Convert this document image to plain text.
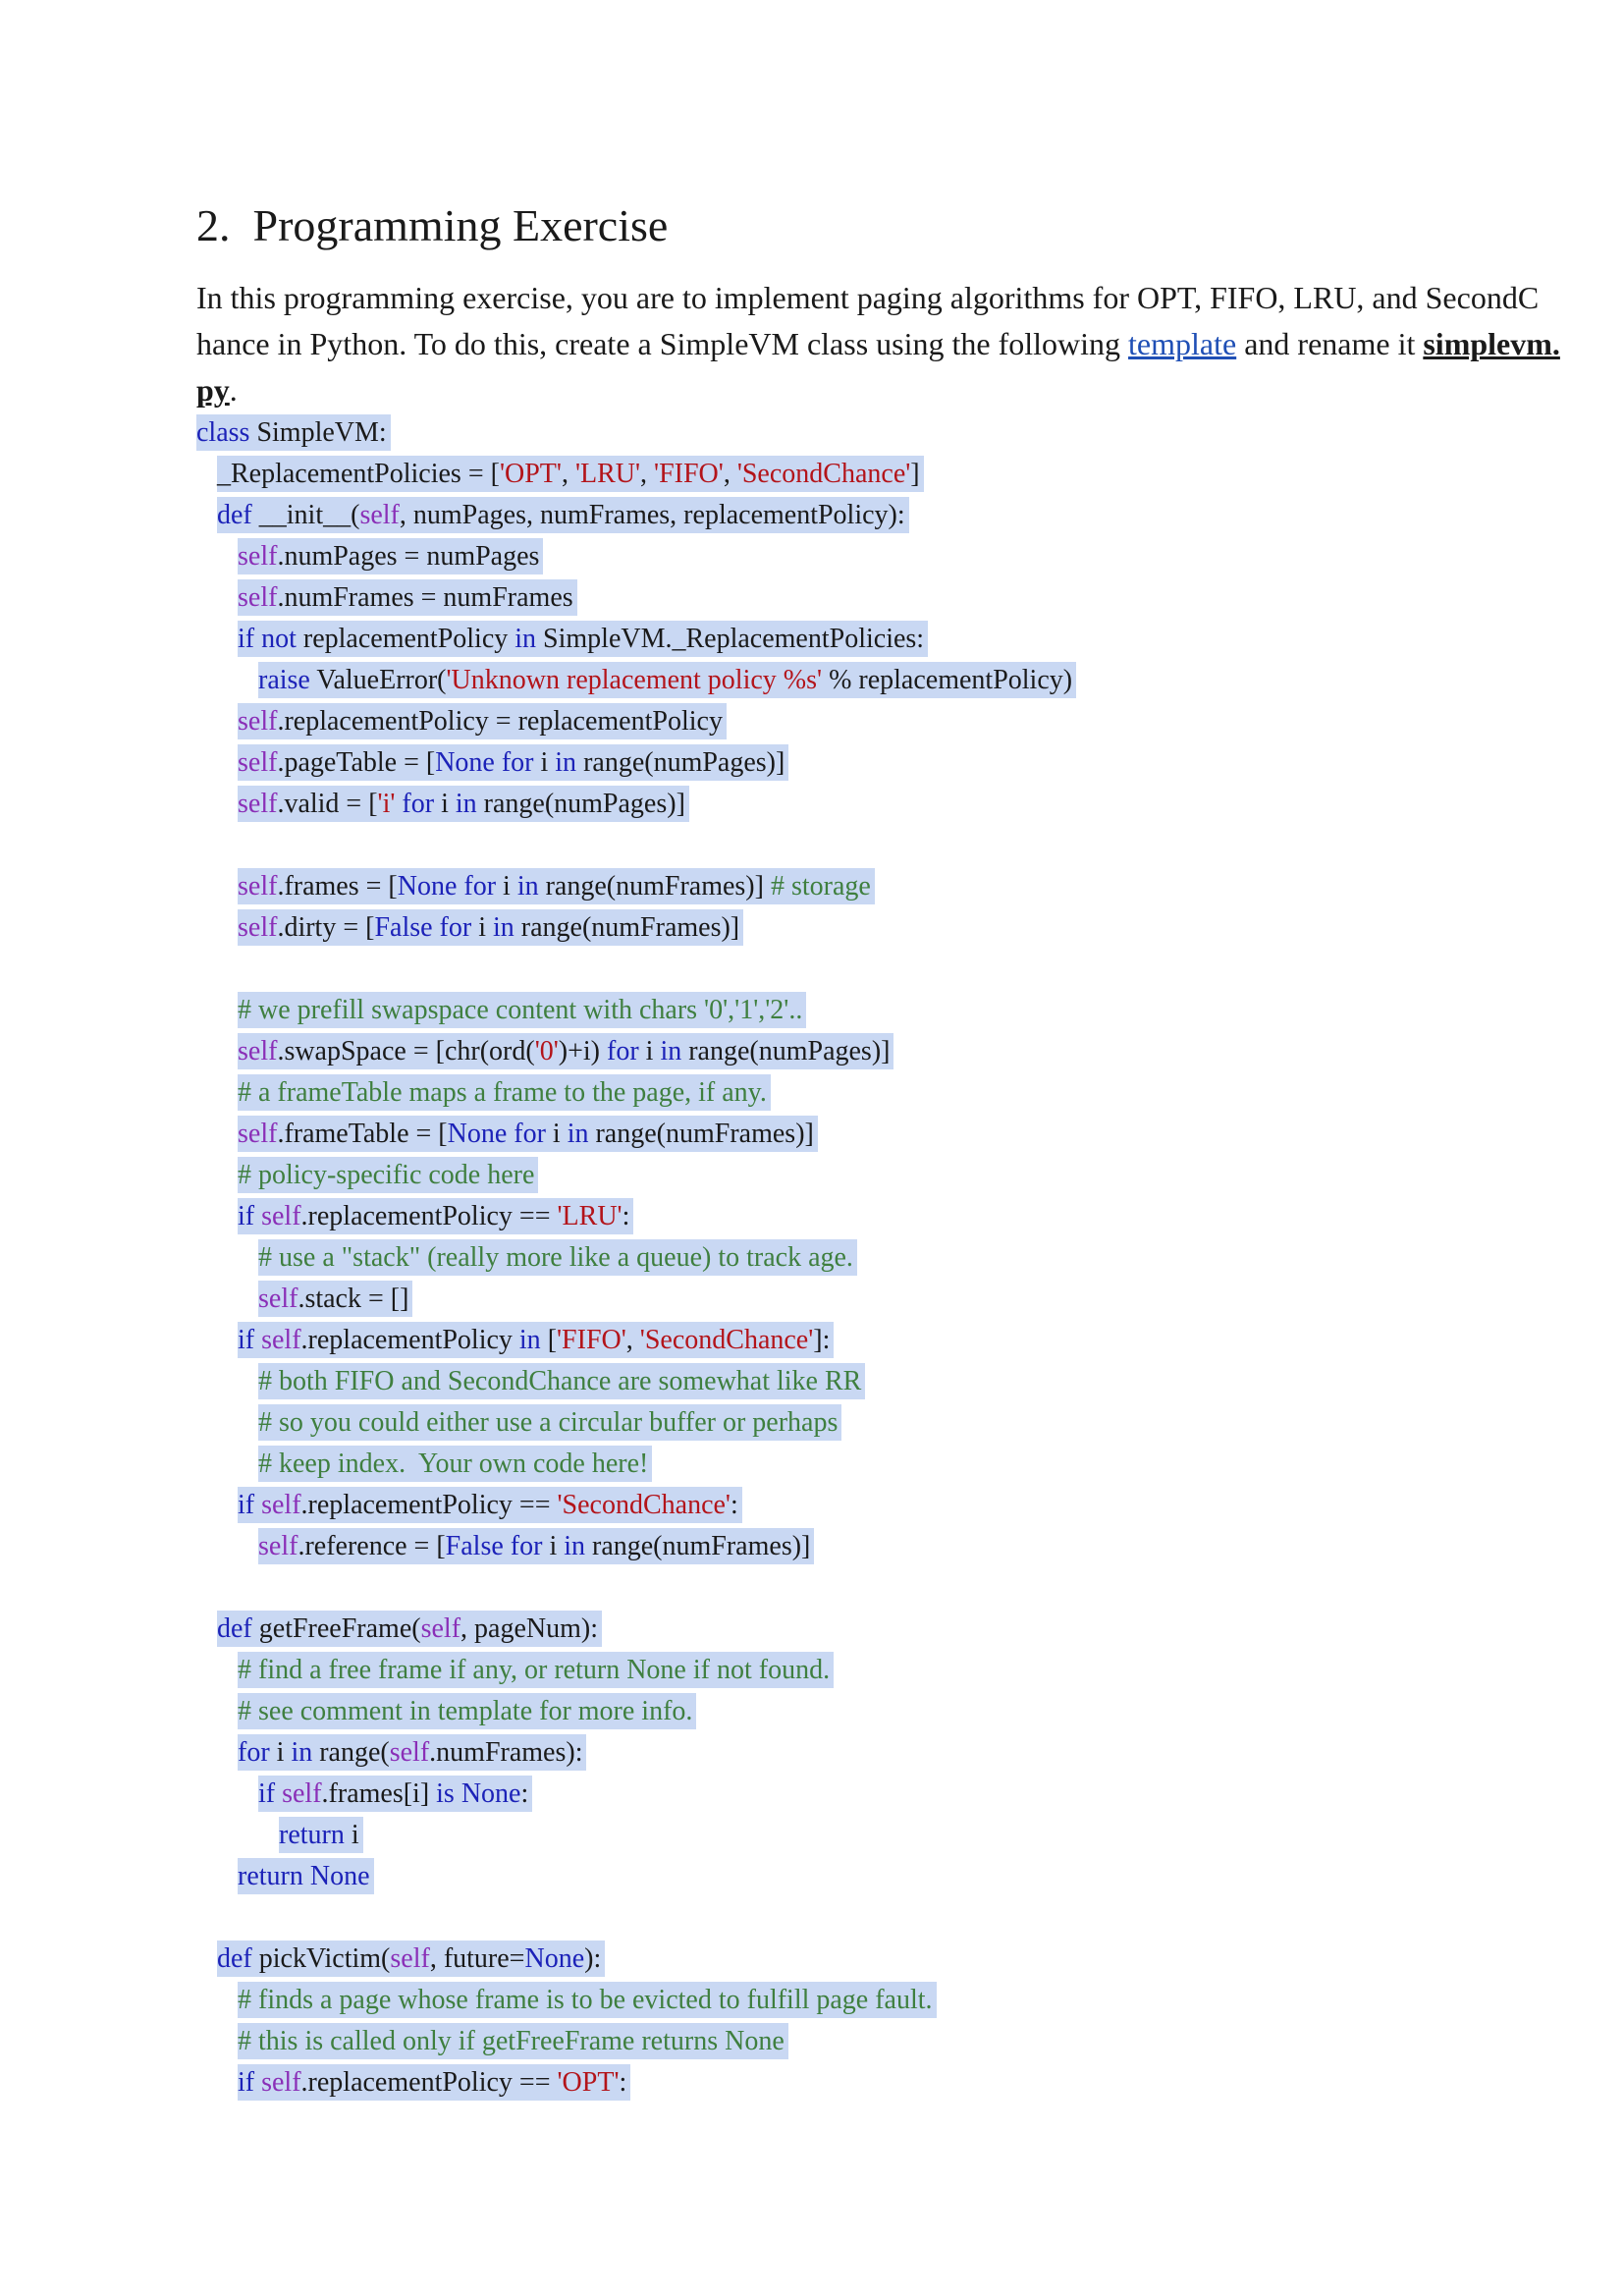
2. Programming Exercise
In this programming exercise, you are to implement paging algorithms for OPT, FIFO, LRU, and SecondC
hance in Python. To do this, create a SimpleVM class using the following template and rename it simplevm.
py.
class SimpleVM:
_ReplacementPolicies = ['OPT', 'LRU', 'FIFO', 'SecondChance']
def __init__(self, numPages, numFrames, replacementPolicy):
self.numPages = numPages
self.numFrames = numFrames
if not replacementPolicy in SimpleVM._ReplacementPolicies:
raise ValueError('Unknown replacement policy %s' % replacementPolicy)
self.replacementPolicy = replacementPolicy
self.pageTable = [None for i in range(numPages)]
self.valid = ['i' for i in range(numPages)]
self.frames = [None for i in range(numFrames)] # storage
self.dirty = [False for i in range(numFrames)]
# we prefill swapspace content with chars '0','1','2'..
self.swapSpace = [chr(ord('0')+i) for i in range(numPages)]
# a frameTable maps a frame to the page, if any.
self.frameTable = [None for i in range(numFrames)]
# policy-specific code here
if self.replacementPolicy == 'LRU':
# use a "stack" (really more like a queue) to track age.
self.stack = []
if self.replacementPolicy in ['FIFO', 'SecondChance']:
# both FIFO and SecondChance are somewhat like RR
# so you could either use a circular buffer or perhaps
# keep index.  Your own code here!
if self.replacementPolicy == 'SecondChance':
self.reference = [False for i in range(numFrames)]
def getFreeFrame(self, pageNum):
# find a free frame if any, or return None if not found.
# see comment in template for more info.
for i in range(self.numFrames):
if self.frames[i] is None:
return i
return None
def pickVictim(self, future=None):
# finds a page whose frame is to be evicted to fulfill page fault.
# this is called only if getFreeFrame returns None
if self.replacementPolicy == 'OPT':
